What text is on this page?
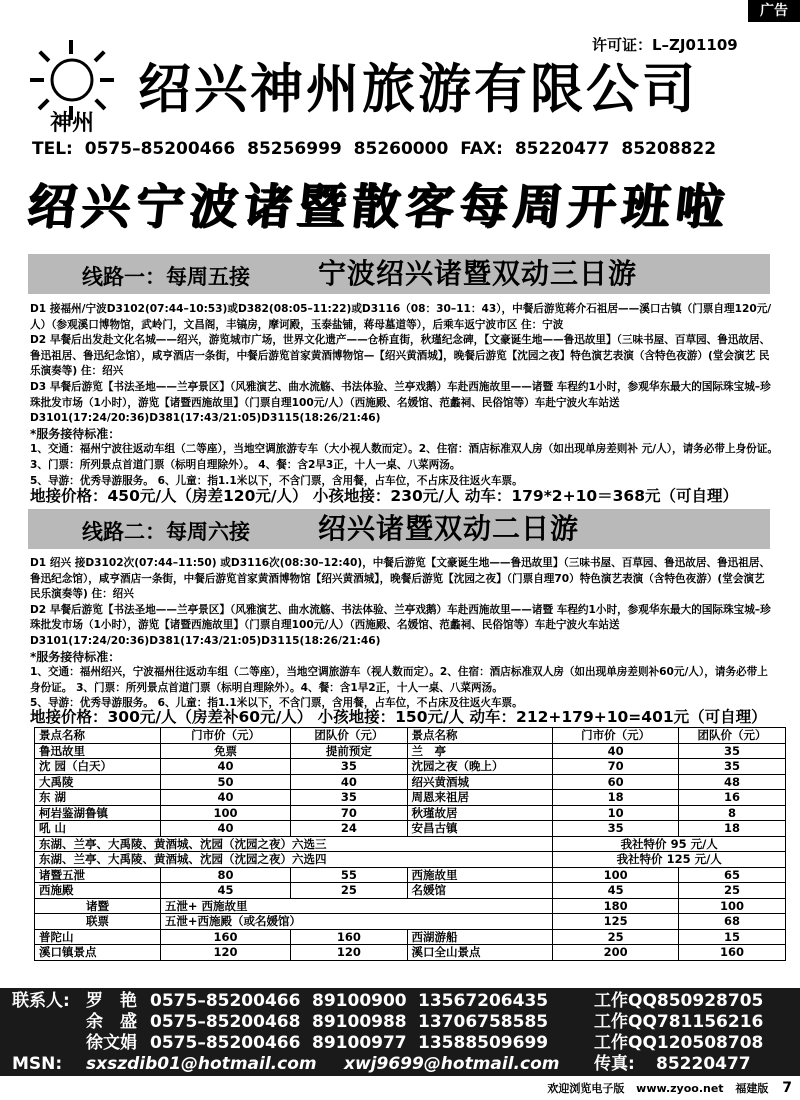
广告
许可证：L–ZJ01109
神州
绍兴神州旅游有限公司
TEL: 0575–85200466 85256999 85260000 FAX: 85220477 85208822
绍兴宁波诸暨散客每周开班啦
线路一：每周五接 宁波绍兴诸暨双动三日游

D1 接福州/宁波D3102(07:44–10:53)或D382(08:05–11:22)或D3116（08：30–11：43），中餐后游览蒋介石祖居——溪口古镇（门票自理120元/人）（参观溪口博物馆，武岭门，文昌阁，丰镐房，摩诃殿，玉泰盐铺，蒋母墓道等），后乘车返宁波市区 住：宁波

D2 早餐后出发赴文化名城——绍兴，游览城市广场，世界文化遗产——仓桥直街，秋瑾纪念碑，【文豪诞生地——鲁迅故里】（三味书屋、百草园、鲁迅故居、鲁迅祖居、鲁迅纪念馆），咸亨酒店一条街，中餐后游览首家黄酒博物馆—【绍兴黄酒城】，晚餐后游览【沈园之夜】特色演艺表演（含特色夜游）(堂会演艺 民乐演奏等) 住：绍兴

D3 早餐后游览【书法圣地——兰亭景区】（风雅演艺、曲水流觞、书法体验、兰亭戏鹅）车赴西施故里——诸暨 车程约1小时，参观华东最大的国际珠宝城–珍珠批发市场（1小时），游览【诸暨西施故里】（门票自理100元/人）（西施殿、名媛馆、范蠡祠、民俗馆等）车赴宁波火车站送D3101(17:24/20:36)D381(17:43/21:05)D3115(18:26/21:46)

*服务接待标准：

1、交通：福州宁波往返动车组（二等座），当地空调旅游专车（大小视人数而定）。2、住宿：酒店标准双人房（如出现单房差则补 元/人），请务必带上身份证。 3、门票：所列景点首道门票（标明自理除外）。 4、餐：含2早3正，十人一桌、八菜两汤。

5、导游：优秀导游服务。 6、儿童：指1.1米以下，不含门票，含用餐，占车位，不占床及往返火车票。

地接价格：450元/人（房差120元/人） 小孩地接：230元/人 动车：179*2+10＝368元（可自理）
线路二：每周六接 绍兴诸暨双动二日游

D1 绍兴 接D3102次(07:44–11:50) 或D3116次(08:30–12:40)，中餐后游览【文豪诞生地——鲁迅故里】（三味书屋、百草园、鲁迅故居、鲁迅祖居、鲁迅纪念馆），咸亨酒店一条街，中餐后游览首家黄酒博物馆【绍兴黄酒城】，晚餐后游览【沈园之夜】（门票自理70）特色演艺表演（含特色夜游）(堂会演艺 民乐演奏等) 住：绍兴

D2 早餐后游览【书法圣地——兰亭景区】（风雅演艺、曲水流觞、书法体验、兰亭戏鹅）车赴西施故里——诸暨 车程约1小时，参观华东最大的国际珠宝城–珍珠批发市场（1小时），游览【诸暨西施故里】（门票自理100元/人）（西施殿、名媛馆、范蠡祠、民俗馆等）车赴宁波火车站送D3101(17:24/20:36)D381(17:43/21:05)D3115(18:26/21:46)

*服务接待标准：

1、交通：福州绍兴，宁波福州往返动车组（二等座），当地空调旅游车（视人数而定）。2、住宿：酒店标准双人房（如出现单房差则补60元/人），请务必带上身份证。 3、门票：所列景点首道门票（标明自理除外）。4、餐：含1早2正，十人一桌、八菜两汤。

5、导游：优秀导游服务。 6、儿童：指1.1米以下，不含门票，含用餐，占车位，不占床及往返火车票。

地接价格：300元/人（房差补60元/人） 小孩地接：150元/人 动车：212+179+10=401元（可自理）
景点名称	门市价（元）	团队价（元）	景点名称	门市价（元）	团队价（元）
鲁迅故里	免票	提前预定	兰　亭	40	35
沈 园（白天）	40	35	沈园之夜（晚上）	70	35
大禹陵	50	40	绍兴黄酒城	60	48
东 湖	40	35	周恩来祖居	18	16
柯岩鉴湖鲁镇	100	70	秋瑾故居	10	8
吼 山	40	24	安昌古镇	35	18
东湖、兰亭、大禹陵、黄酒城、沈园（沈园之夜）六选三				我社特价 95 元/人	
东湖、兰亭、大禹陵、黄酒城、沈园（沈园之夜）六选四				我社特价 125 元/人	
诸暨五泄	80	55	西施故里	100	65
西施殿	45	25	名媛馆	45	25
诸暨	五泄+ 西施故里			180	100
联票	五泄+西施殿（或名媛馆）			125	68
普陀山	160	160	西湖游船	25	15
溪口镇景点	120	120	溪口全山景点	200	160
联系人: 罗　艳 0575–85200466 89100900 13567206435	工作QQ850928705
余　盛 0575–85200468 89100988 13706758585	工作QQ781156216
徐文娟 0575–85200466 89100977 13588509699	工作QQ120508708
MSN: sxszdib01@hotmail.com xwj9699@hotmail.com 传真: 85220477
欢迎浏览电子版 www.zyoo.net 福建版 7
